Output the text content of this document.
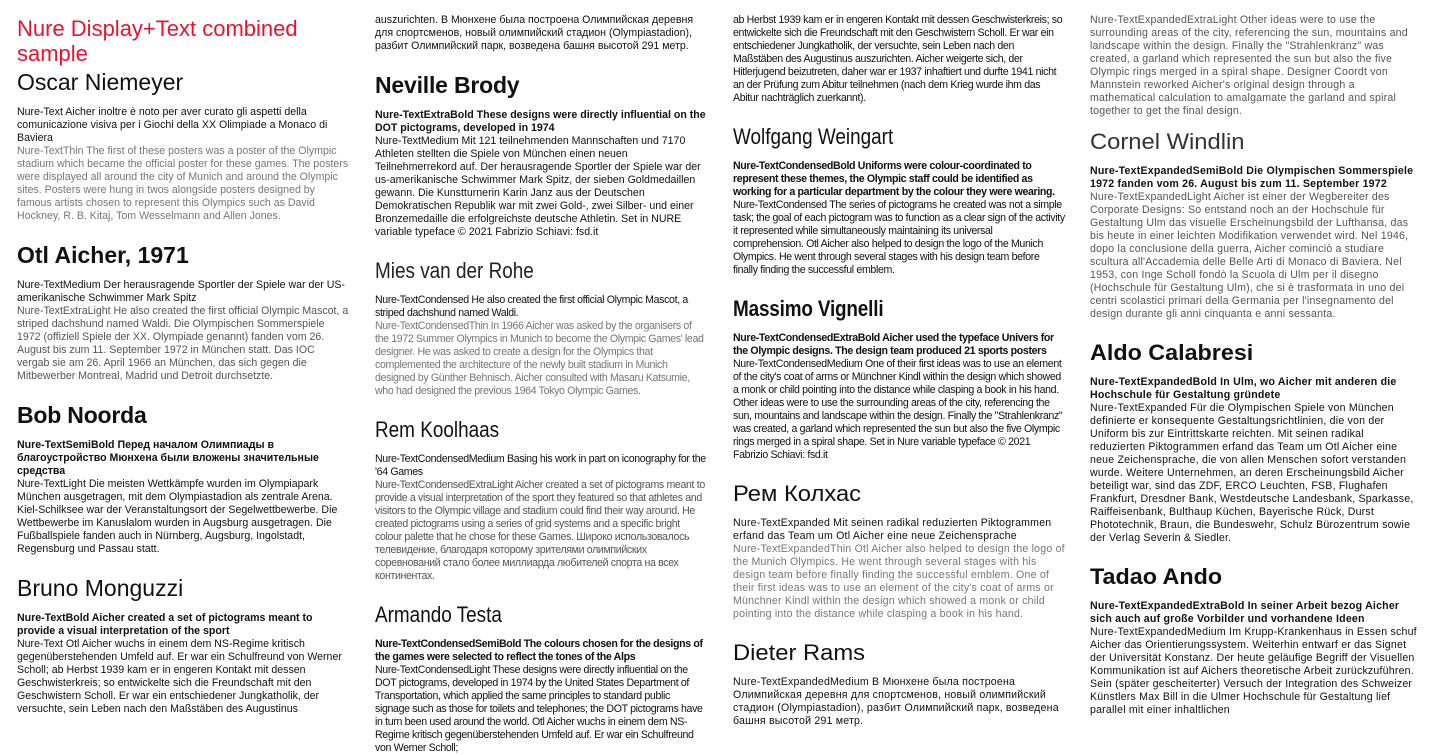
Nure Display+Text combined sample
Oscar Niemeyer

Nure-Text Aicher inoltre è noto per aver curato gli aspetti della comunicazione visiva per i Giochi della XX Olimpiade a Monaco di Baviera

Nure-TextThin The first of these posters was a poster of the Olympic stadium which became the official poster for these games. The posters were displayed all around the city of Munich and around the Olympic sites. Posters were hung in twos alongside posters designed by famous artists chosen to represent this Olympics such as David Hockney, R. B. Kitaj, Tom Wesselmann and Allen Jones.

Otl Aicher, 1971

Nure-TextMedium Der herausragende Sportler der Spiele war der US-amerikanische Schwimmer Mark Spitz

Nure-TextExtraLight He also created the first official Olympic Mascot, a striped dachshund named Waldi. Die Olympischen Sommerspiele 1972 (offiziell Spiele der XX. Olympiade genannt) fanden vom 26. August bis zum 11. September 1972 in München statt. Das IOC vergab sie am 26. April 1966 an München, das sich gegen die Mitbewerber Montreal, Madrid und Detroit durchsetzte.

Bob Noorda

Nure-TextSemiBold Перед началом Олимпиады в благоустройство Мюнхена были вложены значительные средства

Nure-TextLight Die meisten Wettkämpfe wurden im Olympiapark München ausgetragen, mit dem Olympiastadion als zentrale Arena. Kiel-Schilksee war der Veranstaltungsort der Segelwettbewerbe. Die Wettbewerbe im Kanuslalom wurden in Augsburg ausgetragen. Die Fußballspiele fanden auch in Nürnberg, Augsburg, Ingolstadt, Regensburg und Passau statt.

Bruno Monguzzi

Nure-TextBold Aicher created a set of pictograms meant to provide a visual interpretation of the sport

Nure-Text Otl Aicher wuchs in einem dem NS-Regime kritisch gegenüberstehenden Umfeld auf. Er war ein Schulfreund von Werner Scholl; ab Herbst 1939 kam er in engeren Kontakt mit dessen Geschwisterkreis; so entwickelte sich die Freundschaft mit den Geschwistern Scholl. Er war ein entschiedener Jungkatholik, der versuchte, sein Leben nach den Maßstäben des Augustinus

auszurichten. В Мюнхене была построена Олимпийская деревня для спортсменов, новый олимпийский стадион (Olympiastadion), разбит Олимпийский парк, возведена башня высотой 291 метр.

Neville Brody

Nure-TextExtraBold These designs were directly influential on the DOT pictograms, developed in 1974

Nure-TextMedium Mit 121 teilnehmenden Mannschaften und 7170 Athleten stellten die Spiele von München einen neuen Teilnehmerrekord auf. Der herausragende Sportler der Spiele war der us-amerikanische Schwimmer Mark Spitz, der sieben Goldmedaillen gewann. Die Kunstturnerin Karin Janz aus der Deutschen Demokratischen Republik war mit zwei Gold-, zwei Silber- und einer Bronzemedaille die erfolgreichste deutsche Athletin. Set in NURE variable typeface © 2021 Fabrizio Schiavi: fsd.it

Mies van der Rohe

Nure-TextCondensed He also created the first official Olympic Mascot, a striped dachshund named Waldi.

Nure-TextCondensedThin In 1966 Aicher was asked by the organisers of the 1972 Summer Olympics in Munich to become the Olympic Games' lead designer. He was asked to create a design for the Olympics that complemented the architecture of the newly built stadium in Munich designed by Günther Behnisch. Aicher consulted with Masaru Katsumie, who had designed the previous 1964 Tokyo Olympic Games.

Rem Koolhaas

Nure-TextCondensedMedium Basing his work in part on iconography for the '64 Games

Nure-TextCondensedExtraLight Aicher created a set of pictograms meant to provide a visual interpretation of the sport they featured so that athletes and visitors to the Olympic village and stadium could find their way around. He created pictograms using a series of grid systems and a specific bright colour palette that he chose for these Games. Широко использовалось телевидение, благодаря которому зрителями олимпийских соревнований стало более миллиарда любителей спорта на всех континентах.

Armando Testa

Nure-TextCondensedSemiBold The colours chosen for the designs of the games were selected to reflect the tones of the Alps

Nure-TextCondensedLight These designs were directly influential on the DOT pictograms, developed in 1974 by the United States Department of Transportation, which applied the same principles to standard public signage such as those for toilets and telephones; the DOT pictograms have in turn been used around the world. Otl Aicher wuchs in einem dem NS-Regime kritisch gegenüberstehenden Umfeld auf. Er war ein Schulfreund von Werner Scholl;

ab Herbst 1939 kam er in engeren Kontakt mit dessen Geschwisterkreis; so entwickelte sich die Freundschaft mit den Geschwistern Scholl. Er war ein entschiedener Jungkatholik, der versuchte, sein Leben nach den Maßstäben des Augustinus auszurichten. Aicher weigerte sich, der Hitlerjugend beizutreten, daher war er 1937 inhaftiert und durfte 1941 nicht an der Prüfung zum Abitur teilnehmen (nach dem Krieg wurde ihm das Abitur nachträglich zuerkannt).

Wolfgang Weingart

Nure-TextCondensedBold Uniforms were colour-coordinated to represent these themes, the Olympic staff could be identified as working for a particular department by the colour they were wearing.

Nure-TextCondensed The series of pictograms he created was not a simple task; the goal of each pictogram was to function as a clear sign of the activity it represented while simultaneously maintaining its universal comprehension. Otl Aicher also helped to design the logo of the Munich Olympics. He went through several stages with his design team before finally finding the successful emblem.

Massimo Vignelli

Nure-TextCondensedExtraBold Aicher used the typeface Univers for the Olympic designs. The design team produced 21 sports posters

Nure-TextCondensedMedium One of their first ideas was to use an element of the city's coat of arms or Münchner Kindl within the design which showed a monk or child pointing into the distance while clasping a book in his hand. Other ideas were to use the surrounding areas of the city, referencing the sun, mountains and landscape within the design. Finally the "Strahlenkranz" was created, a garland which represented the sun but also the five Olympic rings merged in a spiral shape. Set in Nure variable typeface © 2021 Fabrizio Schiavi: fsd.it

Рем Колхас

Nure-TextExpanded Mit seinen radikal reduzierten Piktogrammen erfand das Team um Otl Aicher eine neue Zeichensprache

Nure-TextExpandedThin Otl Aicher also helped to design the logo of the Munich Olympics. He went through several stages with his design team before finally finding the successful emblem. One of their first ideas was to use an element of the city's coat of arms or Münchner Kindl within the design which showed a monk or child pointing into the distance while clasping a book in his hand.

Dieter Rams

Nure-TextExpandedMedium В Мюнхене была построена Олимпийская деревня для спортсменов, новый олимпийский стадион (Olympiastadion), разбит Олимпийский парк, возведена башня высотой 291 метр.

Nure-TextExpandedExtraLight Other ideas were to use the surrounding areas of the city, referencing the sun, mountains and landscape within the design. Finally the "Strahlenkranz" was created, a garland which represented the sun but also the five Olympic rings merged in a spiral shape. Designer Coordt von Mannstein reworked Aicher's original design through a mathematical calculation to amalgamate the garland and spiral together to get the final design.

Cornel Windlin

Nure-TextExpandedSemiBold Die Olympischen Sommerspiele 1972 fanden vom 26. August bis zum 11. September 1972

Nure-TextExpandedLight Aicher ist einer der Wegbereiter des Corporate Designs: So entstand noch an der Hochschule für Gestaltung Ulm das visuelle Erscheinungsbild der Lufthansa, das bis heute in einer leichten Modifikation verwendet wird. Nel 1946, dopo la conclusione della guerra, Aicher cominciò a studiare scultura all'Accademia delle Belle Arti di Monaco di Baviera. Nel 1953, con Inge Scholl fondò la Scuola di Ulm per il disegno (Hochschule für Gestaltung Ulm), che si è trasformata in uno dei centri scolastici primari della Germania per l'insegnamento del design durante gli anni cinquanta e anni sessanta.

Aldo Calabresi

Nure-TextExpandedBold In Ulm, wo Aicher mit anderen die Hochschule für Gestaltung gründete

Nure-TextExpanded Für die Olympischen Spiele von München definierte er konsequente Gestaltungsrichtlinien, die von der Uniform bis zur Eintrittskarte reichten. Mit seinen radikal reduzierten Piktogrammen erfand das Team um Otl Aicher eine neue Zeichensprache, die von allen Menschen sofort verstanden wurde. Weitere Unternehmen, an deren Erscheinungsbild Aicher beteiligt war, sind das ZDF, ERCO Leuchten, FSB, Flughafen Frankfurt, Dresdner Bank, Westdeutsche Landesbank, Sparkasse, Raiffeisenbank, Bulthaup Küchen, Bayerische Rück, Durst Phototechnik, Braun, die Bundeswehr, Schulz Bürozentrum sowie der Verlag Severin & Siedler.

Tadao Ando

Nure-TextExpandedExtraBold In seiner Arbeit bezog Aicher sich auch auf große Vorbilder und vorhandene Ideen

Nure-TextExpandedMedium Im Krupp-Krankenhaus in Essen schuf Aicher das Orientierungssystem. Weiterhin entwarf er das Signet der Universität Konstanz. Der heute geläufige Begriff der Visuellen Kommunikation ist auf Aichers theoretische Arbeit zurückzuführen. Sein (später gescheiterter) Versuch der Integration des Schweizer Künstlers Max Bill in die Ulmer Hochschule für Gestaltung lief parallel mit einer inhaltlichen
